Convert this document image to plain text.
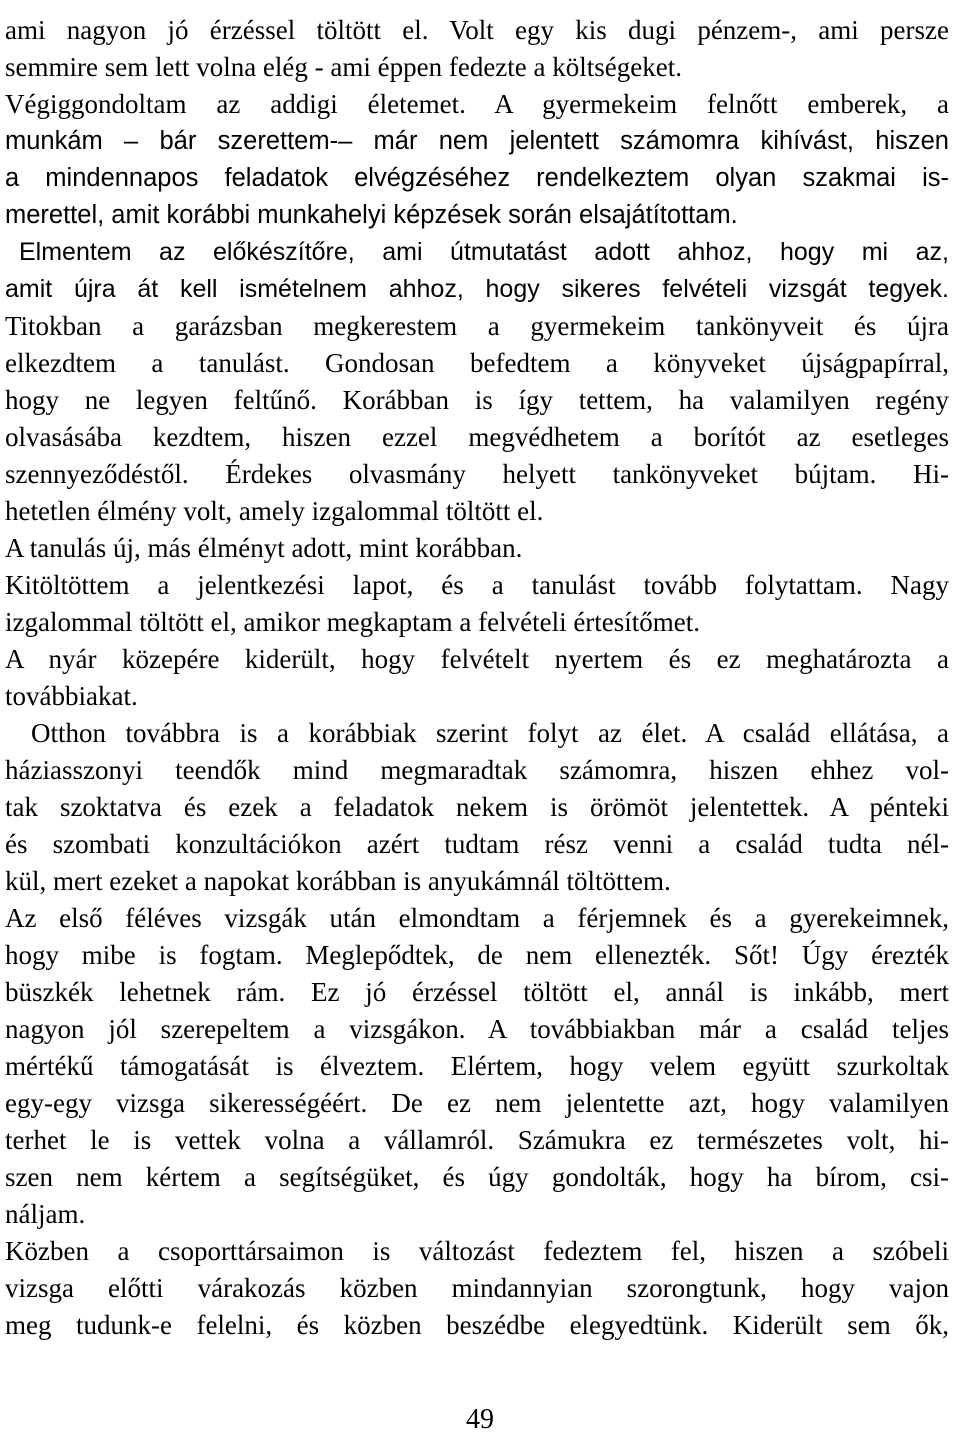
ami nagyon jó érzéssel töltött el. Volt egy kis dugi pénzem-, ami persze
semmire sem lett volna elég - ami éppen fedezte a költségeket.
Végiggondoltam az addigi életemet. A gyermekeim felnőtt emberek, a
munkám – bár szerettem-– már nem jelentett számomra kihívást, hiszen
a mindennapos feladatok elvégzéséhez rendelkeztem olyan szakmai is-
merettel, amit korábbi munkahelyi képzések során elsajátítottam.
Elmentem az előkészítőre, ami útmutatást adott ahhoz, hogy mi az,
amit újra át kell ismételnem ahhoz, hogy sikeres felvételi vizsgát tegyek.
Titokban a garázsban megkerestem a gyermekeim tankönyveit és újra
elkezdtem a tanulást. Gondosan befedtem a könyveket újságpapírral,
hogy ne legyen feltűnő. Korábban is így tettem, ha valamilyen regény
olvasásába kezdtem, hiszen ezzel megvédhetem a borítót az esetleges
szennyeződéstől. Érdekes olvasmány helyett tankönyveket bújtam. Hi-
hetetlen élmény volt, amely izgalommal töltött el.
A tanulás új, más élményt adott, mint korábban.
Kitöltöttem a jelentkezési lapot, és a tanulást tovább folytattam. Nagy
izgalommal töltött el, amikor megkaptam a felvételi értesítőmet.
A nyár közepére kiderült, hogy felvételt nyertem és ez meghatározta a
továbbiakat.
Otthon továbbra is a korábbiak szerint folyt az élet. A család ellátása, a
háziasszonyi teendők mind megmaradtak számomra, hiszen ehhez vol-
tak szoktatva és ezek a feladatok nekem is örömöt jelentettek. A pénteki
és szombati konzultációkon azért tudtam rész venni a család tudta nél-
kül, mert ezeket a napokat korábban is anyukámnál töltöttem.
Az első féléves vizsgák után elmondtam a férjemnek és a gyerekeimnek,
hogy mibe is fogtam. Meglepődtek, de nem ellenezték. Sőt! Úgy érezték
büszkék lehetnek rám. Ez jó érzéssel töltött el, annál is inkább, mert
nagyon jól szerepeltem a vizsgákon. A továbbiakban már a család teljes
mértékű támogatását is élveztem. Elértem, hogy velem együtt szurkoltak
egy-egy vizsga sikerességéért. De ez nem jelentette azt, hogy valamilyen
terhet le is vettek volna a vállamról. Számukra ez természetes volt, hi-
szen nem kértem a segítségüket, és úgy gondolták, hogy ha bírom, csi-
náljam.
Közben a csoporttársaimon is változást fedeztem fel, hiszen a szóbeli
vizsga előtti várakozás közben mindannyian szorongtunk, hogy vajon
meg tudunk-e felelni, és közben beszédbe elegyedtünk. Kiderült sem ők,
49
